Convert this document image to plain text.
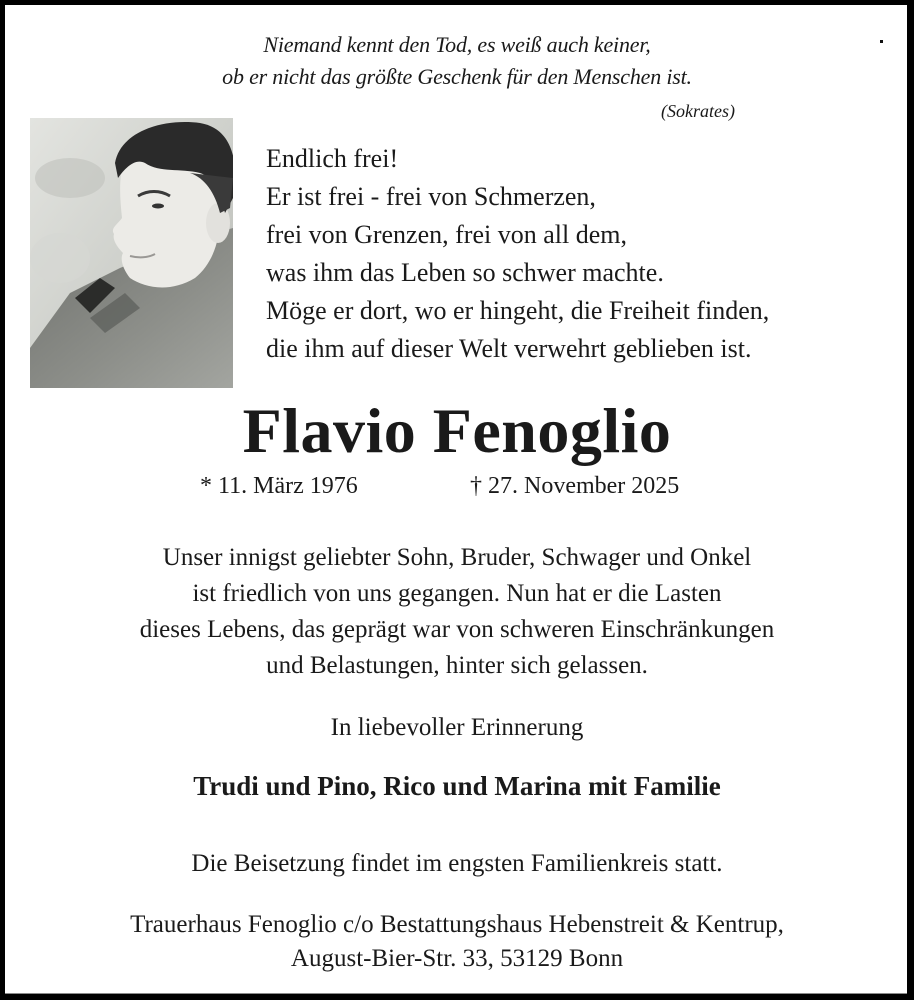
Niemand kennt den Tod, es weiß auch keiner,

ob er nicht das größte Geschenk für den Menschen ist.

(Sokrates)

Endlich frei!
Er ist frei - frei von Schmerzen,
frei von Grenzen, frei von all dem,
was ihm das Leben so schwer machte.
Möge er dort, wo er hingeht, die Freiheit finden,
die ihm auf dieser Welt verwehrt geblieben ist.
Flavio Fenoglio
* 11. März 1976	† 27. November 2025
Unser innigst geliebter Sohn, Bruder, Schwager und Onkel
ist friedlich von uns gegangen. Nun hat er die Lasten
dieses Lebens, das geprägt war von schweren Einschränkungen
und Belastungen, hinter sich gelassen.

In liebevoller Erinnerung

Trudi und Pino, Rico und Marina mit Familie

Die Beisetzung findet im engsten Familienkreis statt.

Trauerhaus Fenoglio c/o Bestattungshaus Hebenstreit & Kentrup,
August-Bier-Str. 33, 53129 Bonn
